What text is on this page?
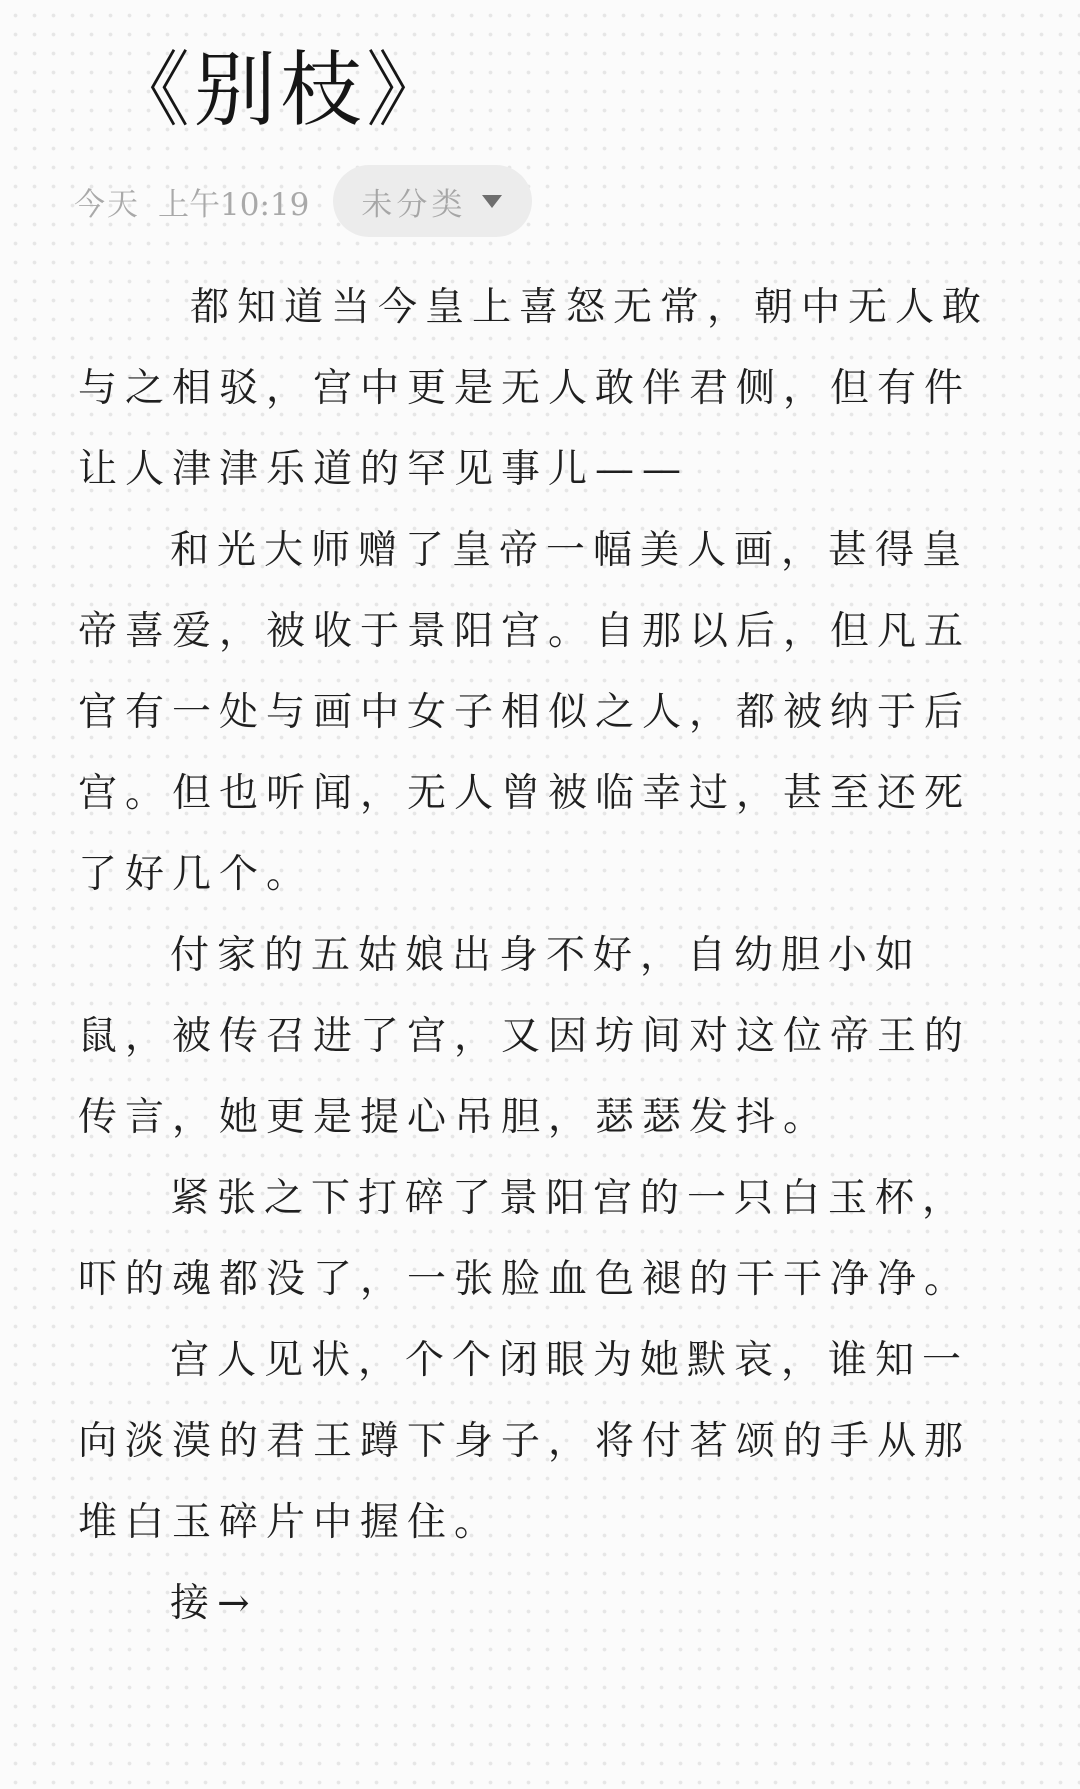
《别枝》
今天 上午10:19 未分类

都知道当今皇上喜怒无常，朝中无人敢
与之相驳，宫中更是无人敢伴君侧，但有件
让人津津乐道的罕见事儿——

和光大师赠了皇帝一幅美人画，甚得皇
帝喜爱，被收于景阳宫。自那以后，但凡五
官有一处与画中女子相似之人，都被纳于后
宫。但也听闻，无人曾被临幸过，甚至还死
了好几个。

付家的五姑娘出身不好，自幼胆小如
鼠，被传召进了宫，又因坊间对这位帝王的
传言，她更是提心吊胆，瑟瑟发抖。

紧张之下打碎了景阳宫的一只白玉杯，
吓的魂都没了，一张脸血色褪的干干净净。

宫人见状，个个闭眼为她默哀，谁知一
向淡漠的君王蹲下身子，将付茗颂的手从那
堆白玉碎片中握住。

接→
